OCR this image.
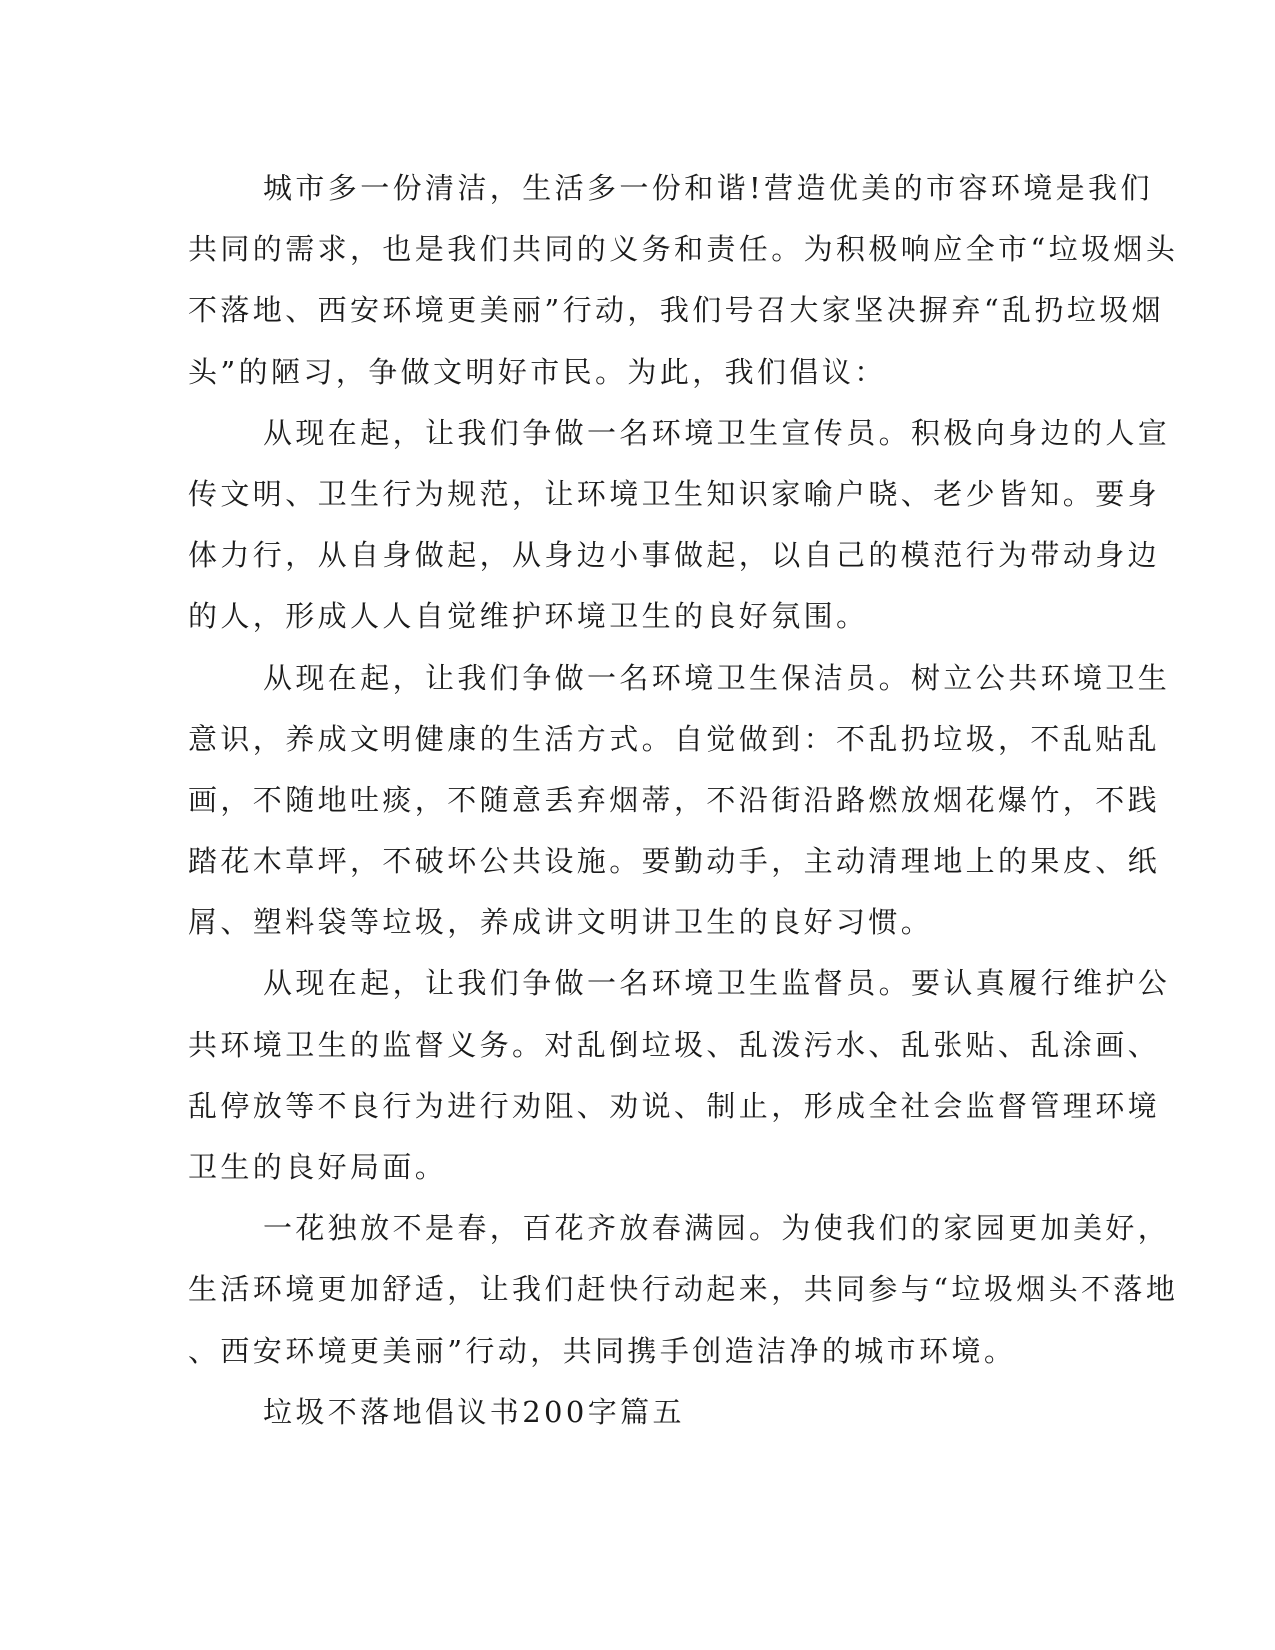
城市多一份清洁，生活多一份和谐!营造优美的市容环境是我们
共同的需求，也是我们共同的义务和责任。为积极响应全市“垃圾烟头
不落地、西安环境更美丽”行动，我们号召大家坚决摒弃“乱扔垃圾烟
头”的陋习，争做文明好市民。为此，我们倡议：

从现在起，让我们争做一名环境卫生宣传员。积极向身边的人宣
传文明、卫生行为规范，让环境卫生知识家喻户晓、老少皆知。要身
体力行，从自身做起，从身边小事做起，以自己的模范行为带动身边
的人，形成人人自觉维护环境卫生的良好氛围。

从现在起，让我们争做一名环境卫生保洁员。树立公共环境卫生
意识，养成文明健康的生活方式。自觉做到：不乱扔垃圾，不乱贴乱
画，不随地吐痰，不随意丢弃烟蒂，不沿街沿路燃放烟花爆竹，不践
踏花木草坪，不破坏公共设施。要勤动手，主动清理地上的果皮、纸
屑、塑料袋等垃圾，养成讲文明讲卫生的良好习惯。

从现在起，让我们争做一名环境卫生监督员。要认真履行维护公
共环境卫生的监督义务。对乱倒垃圾、乱泼污水、乱张贴、乱涂画、
乱停放等不良行为进行劝阻、劝说、制止，形成全社会监督管理环境
卫生的良好局面。

一花独放不是春，百花齐放春满园。为使我们的家园更加美好，
生活环境更加舒适，让我们赶快行动起来，共同参与“垃圾烟头不落地
、西安环境更美丽”行动，共同携手创造洁净的城市环境。

垃圾不落地倡议书200字篇五
